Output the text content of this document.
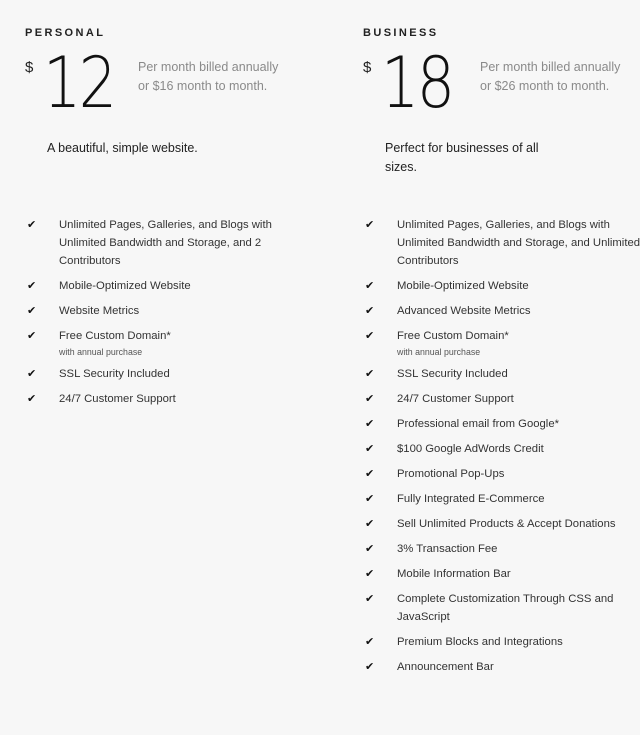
PERSONAL
$ 12 Per month billed annually or $16 month to month.
A beautiful, simple website.
✔ Unlimited Pages, Galleries, and Blogs with Unlimited Bandwidth and Storage, and 2 Contributors
✔ Mobile-Optimized Website
✔ Website Metrics
✔ Free Custom Domain*
with annual purchase
✔ SSL Security Included
✔ 24/7 Customer Support
BUSINESS
$ 18 Per month billed annually or $26 month to month.
Perfect for businesses of all sizes.
✔ Unlimited Pages, Galleries, and Blogs with Unlimited Bandwidth and Storage, and Unlimited Contributors
✔ Mobile-Optimized Website
✔ Advanced Website Metrics
✔ Free Custom Domain*
with annual purchase
✔ SSL Security Included
✔ 24/7 Customer Support
✔ Professional email from Google*
✔ $100 Google AdWords Credit
✔ Promotional Pop-Ups
✔ Fully Integrated E-Commerce
✔ Sell Unlimited Products & Accept Donations
✔ 3% Transaction Fee
✔ Mobile Information Bar
✔ Complete Customization Through CSS and JavaScript
✔ Premium Blocks and Integrations
✔ Announcement Bar
